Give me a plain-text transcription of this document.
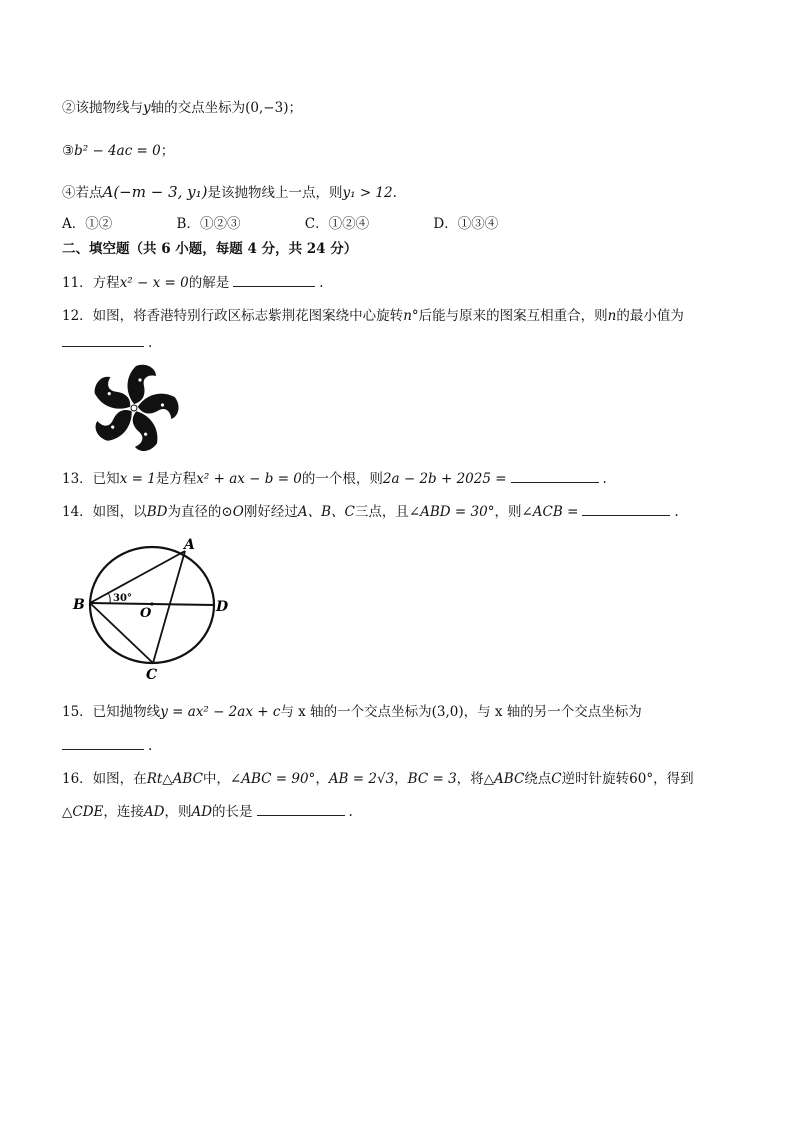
②该抛物线与y轴的交点坐标为(0,−3)；
③b² − 4ac = 0；
④若点A(−m − 3, y₁)是该抛物线上一点，则y₁ > 12.
A．①②	B．①②③	C．①②④	D．①③④
二、填空题（共 6 小题，每题 4 分，共 24 分）
11．方程x² − x = 0的解是	.
12．如图，将香港特别行政区标志紫荆花图案绕中心旋转n°后能与原来的图案互相重合，则n的最小值为
.
13．已知x = 1是方程x² + ax − b = 0的一个根，则2a − 2b + 2025 =	.
14．如图，以BD为直径的⊙O刚好经过A、B、C三点，且∠ABD = 30°，则∠ACB =	.
A
B
C
D
O
30°
15．已知抛物线y = ax² − 2ax + c与 x 轴的一个交点坐标为(3,0)，与 x 轴的另一个交点坐标为
.
16．如图，在Rt△ABC中，∠ABC = 90°，AB = 2√3，BC = 3，将△ABC绕点C逆时针旋转60°，得到
△CDE，连接AD，则AD的长是	.
